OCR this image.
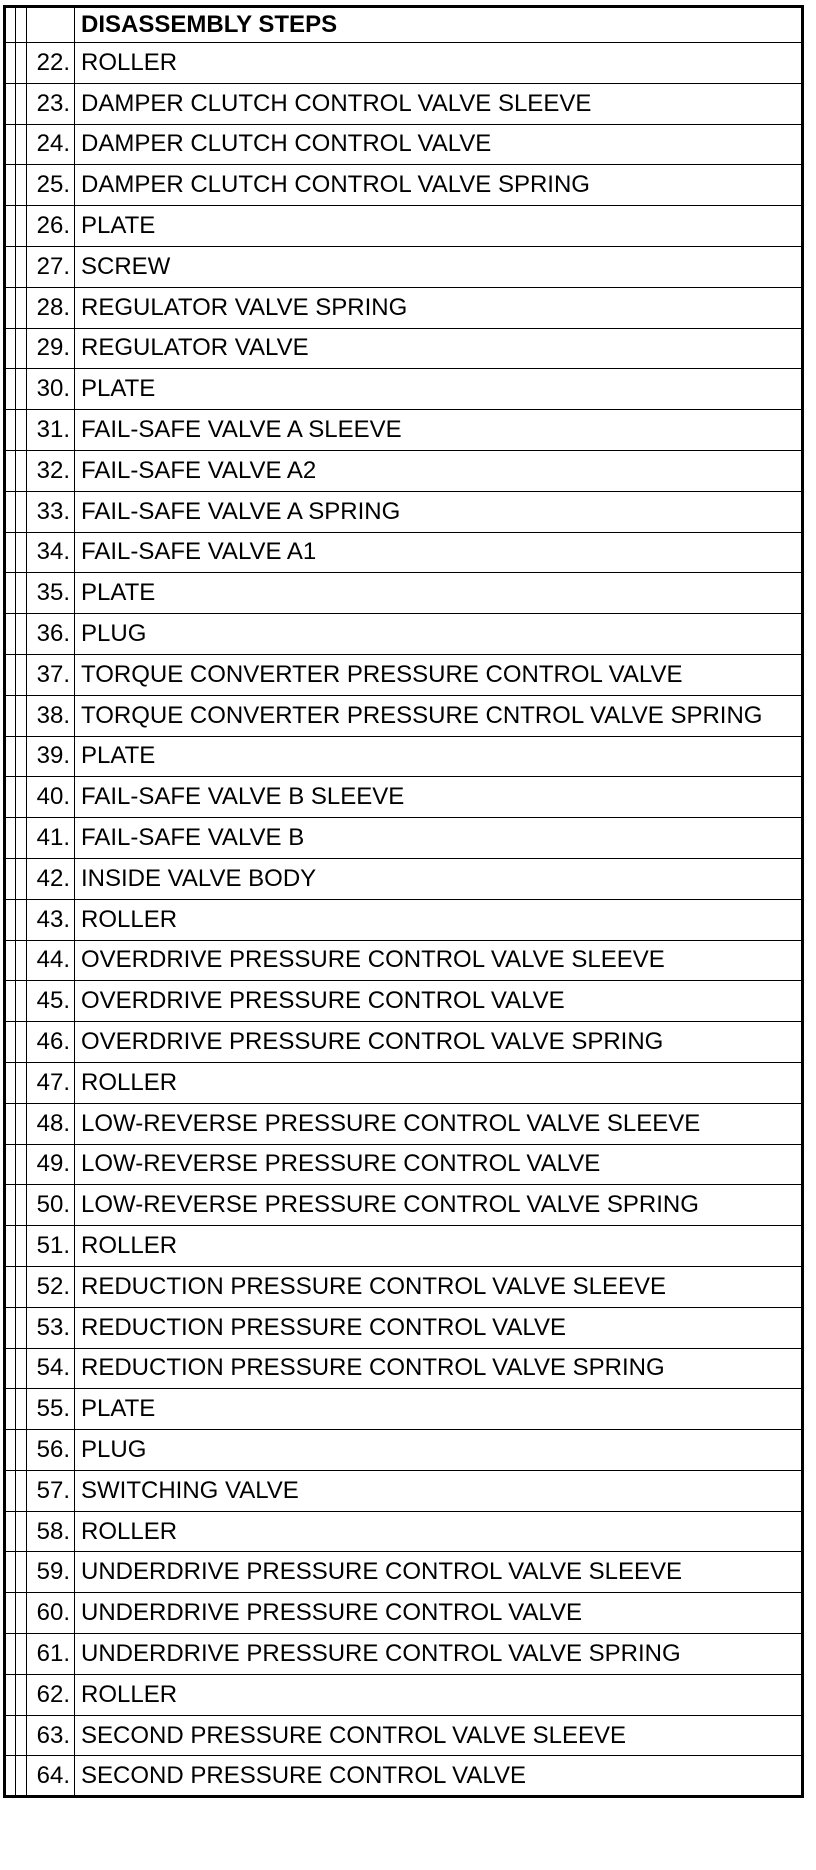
			DISASSEMBLY STEPS
		22.	ROLLER
		23.	DAMPER CLUTCH CONTROL VALVE SLEEVE
		24.	DAMPER CLUTCH CONTROL VALVE
		25.	DAMPER CLUTCH CONTROL VALVE SPRING
		26.	PLATE
		27.	SCREW
		28.	REGULATOR VALVE SPRING
		29.	REGULATOR VALVE
		30.	PLATE
		31.	FAIL-SAFE VALVE A SLEEVE
		32.	FAIL-SAFE VALVE A2
		33.	FAIL-SAFE VALVE A SPRING
		34.	FAIL-SAFE VALVE A1
		35.	PLATE
		36.	PLUG
		37.	TORQUE CONVERTER PRESSURE CONTROL VALVE
		38.	TORQUE CONVERTER PRESSURE CNTROL VALVE SPRING
		39.	PLATE
		40.	FAIL-SAFE VALVE B SLEEVE
		41.	FAIL-SAFE VALVE B
		42.	INSIDE VALVE BODY
		43.	ROLLER
		44.	OVERDRIVE PRESSURE CONTROL VALVE SLEEVE
		45.	OVERDRIVE PRESSURE CONTROL VALVE
		46.	OVERDRIVE PRESSURE CONTROL VALVE SPRING
		47.	ROLLER
		48.	LOW-REVERSE PRESSURE CONTROL VALVE SLEEVE
		49.	LOW-REVERSE PRESSURE CONTROL VALVE
		50.	LOW-REVERSE PRESSURE CONTROL VALVE SPRING
		51.	ROLLER
		52.	REDUCTION PRESSURE CONTROL VALVE SLEEVE
		53.	REDUCTION PRESSURE CONTROL VALVE
		54.	REDUCTION PRESSURE CONTROL VALVE SPRING
		55.	PLATE
		56.	PLUG
		57.	SWITCHING VALVE
		58.	ROLLER
		59.	UNDERDRIVE PRESSURE CONTROL VALVE SLEEVE
		60.	UNDERDRIVE PRESSURE CONTROL VALVE
		61.	UNDERDRIVE PRESSURE CONTROL VALVE SPRING
		62.	ROLLER
		63.	SECOND PRESSURE CONTROL VALVE SLEEVE
		64.	SECOND PRESSURE CONTROL VALVE
